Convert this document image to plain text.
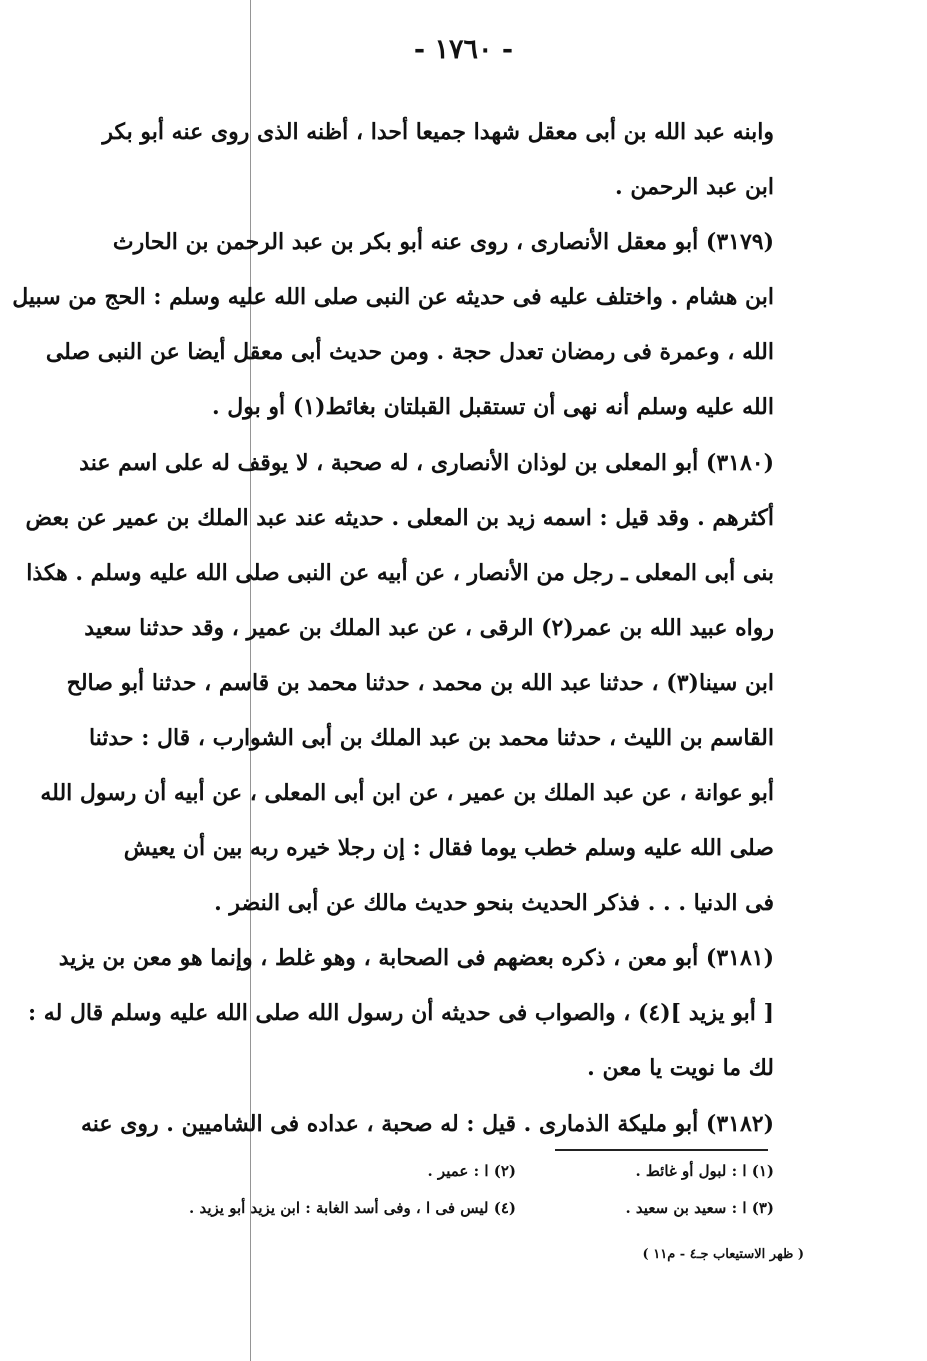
- ١٧٦٠ -
وابنه عبد الله بن أبى معقل شهدا جميعا أحدا ، أظنه الذى روى عنه أبو بكر
ابن عبد الرحمن .
(٣١٧٩) أبو معقل الأنصارى ، روى عنه أبو بكر بن عبد الرحمن بن الحارث
ابن هشام . واختلف عليه فى حديثه عن النبى صلى الله عليه وسلم : الحج من سبيل
الله ، وعمرة فى رمضان تعدل حجة . ومن حديث أبى معقل أيضا عن النبى صلى
الله عليه وسلم أنه نهى أن تستقبل القبلتان بغائط(١) أو بول .
(٣١٨٠) أبو المعلى بن لوذان الأنصارى ، له صحبة ، لا يوقف له على اسم عند
أكثرهم . وقد قيل : اسمه زيد بن المعلى . حديثه عند عبد الملك بن عمير عن بعض
بنى أبى المعلى ـ رجل من الأنصار ، عن أبيه عن النبى صلى الله عليه وسلم . هكذا
رواه عبيد الله بن عمر(٢) الرقى ، عن عبد الملك بن عمير ، وقد حدثنا سعيد
ابن سينا(٣) ، حدثنا عبد الله بن محمد ، حدثنا محمد بن قاسم ، حدثنا أبو صالح
القاسم بن الليث ، حدثنا محمد بن عبد الملك بن أبى الشوارب ، قال : حدثنا
أبو عوانة ، عن عبد الملك بن عمير ، عن ابن أبى المعلى ، عن أبيه أن رسول الله
صلى الله عليه وسلم خطب يوما فقال : إن رجلا خيره ربه بين أن يعيش
فى الدنيا . . . فذكر الحديث بنحو حديث مالك عن أبى النضر .
(٣١٨١) أبو معن ، ذكره بعضهم فى الصحابة ، وهو غلط ، وإنما هو معن بن يزيد
[ أبو يزيد ](٤) ، والصواب فى حديثه أن رسول الله صلى الله عليه وسلم قال له :
لك ما نويت يا معن .
(٣١٨٢) أبو مليكة الذمارى . قيل : له صحبة ، عداده فى الشاميين . روى عنه
(١) ا : لبول أو غائط .
(٢) ا : عمير .
(٣) ا : سعيد بن سعيد .
(٤) ليس فى ا ، وفى أسد الغابة : ابن يزيد أبو يزيد .
( ظهر الاستيعاب جـ٤ - م١١ )
